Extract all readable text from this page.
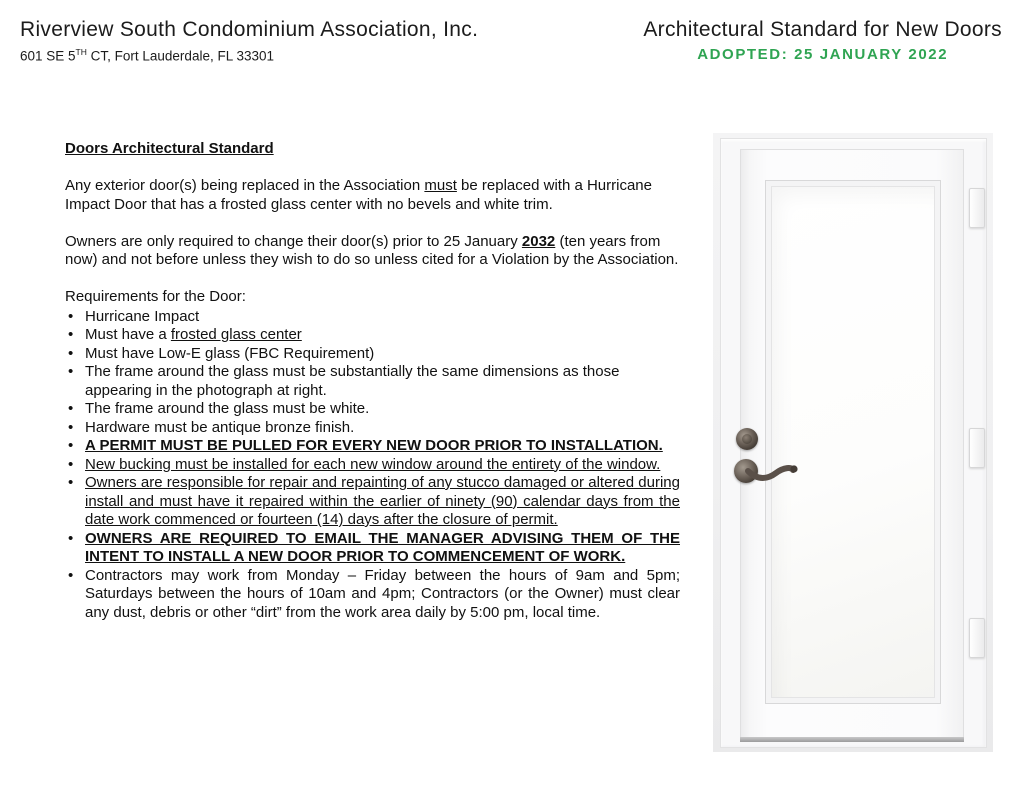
Riverview South Condominium Association, Inc.
601 SE 5TH CT, Fort Lauderdale, FL 33301
Architectural Standard for New Doors
ADOPTED: 25 JANUARY 2022
Doors Architectural Standard
Any exterior door(s) being replaced in the Association must be replaced with a Hurricane Impact Door that has a frosted glass center with no bevels and white trim.
Owners are only required to change their door(s) prior to 25 January 2032 (ten years from now) and not before unless they wish to do so unless cited for a Violation by the Association.
Requirements for the Door:
• Hurricane Impact
• Must have a frosted glass center
• Must have Low-E glass (FBC Requirement)
• The frame around the glass must be substantially the same dimensions as those appearing in the photograph at right.
• The frame around the glass must be white.
• Hardware must be antique bronze finish.
• A PERMIT MUST BE PULLED FOR EVERY NEW DOOR PRIOR TO INSTALLATION.
• New bucking must be installed for each new window around the entirety of the window.
• Owners are responsible for repair and repainting of any stucco damaged or altered during install and must have it repaired within the earlier of ninety (90) calendar days from the date work commenced or fourteen (14) days after the closure of permit.
• OWNERS ARE REQUIRED TO EMAIL THE MANAGER ADVISING THEM OF THE INTENT TO INSTALL A NEW DOOR PRIOR TO COMMENCEMENT OF WORK.
• Contractors may work from Monday – Friday between the hours of 9am and 5pm; Saturdays between the hours of 10am and 4pm; Contractors (or the Owner) must clear any dust, debris or other “dirt” from the work area daily by 5:00 pm, local time.
